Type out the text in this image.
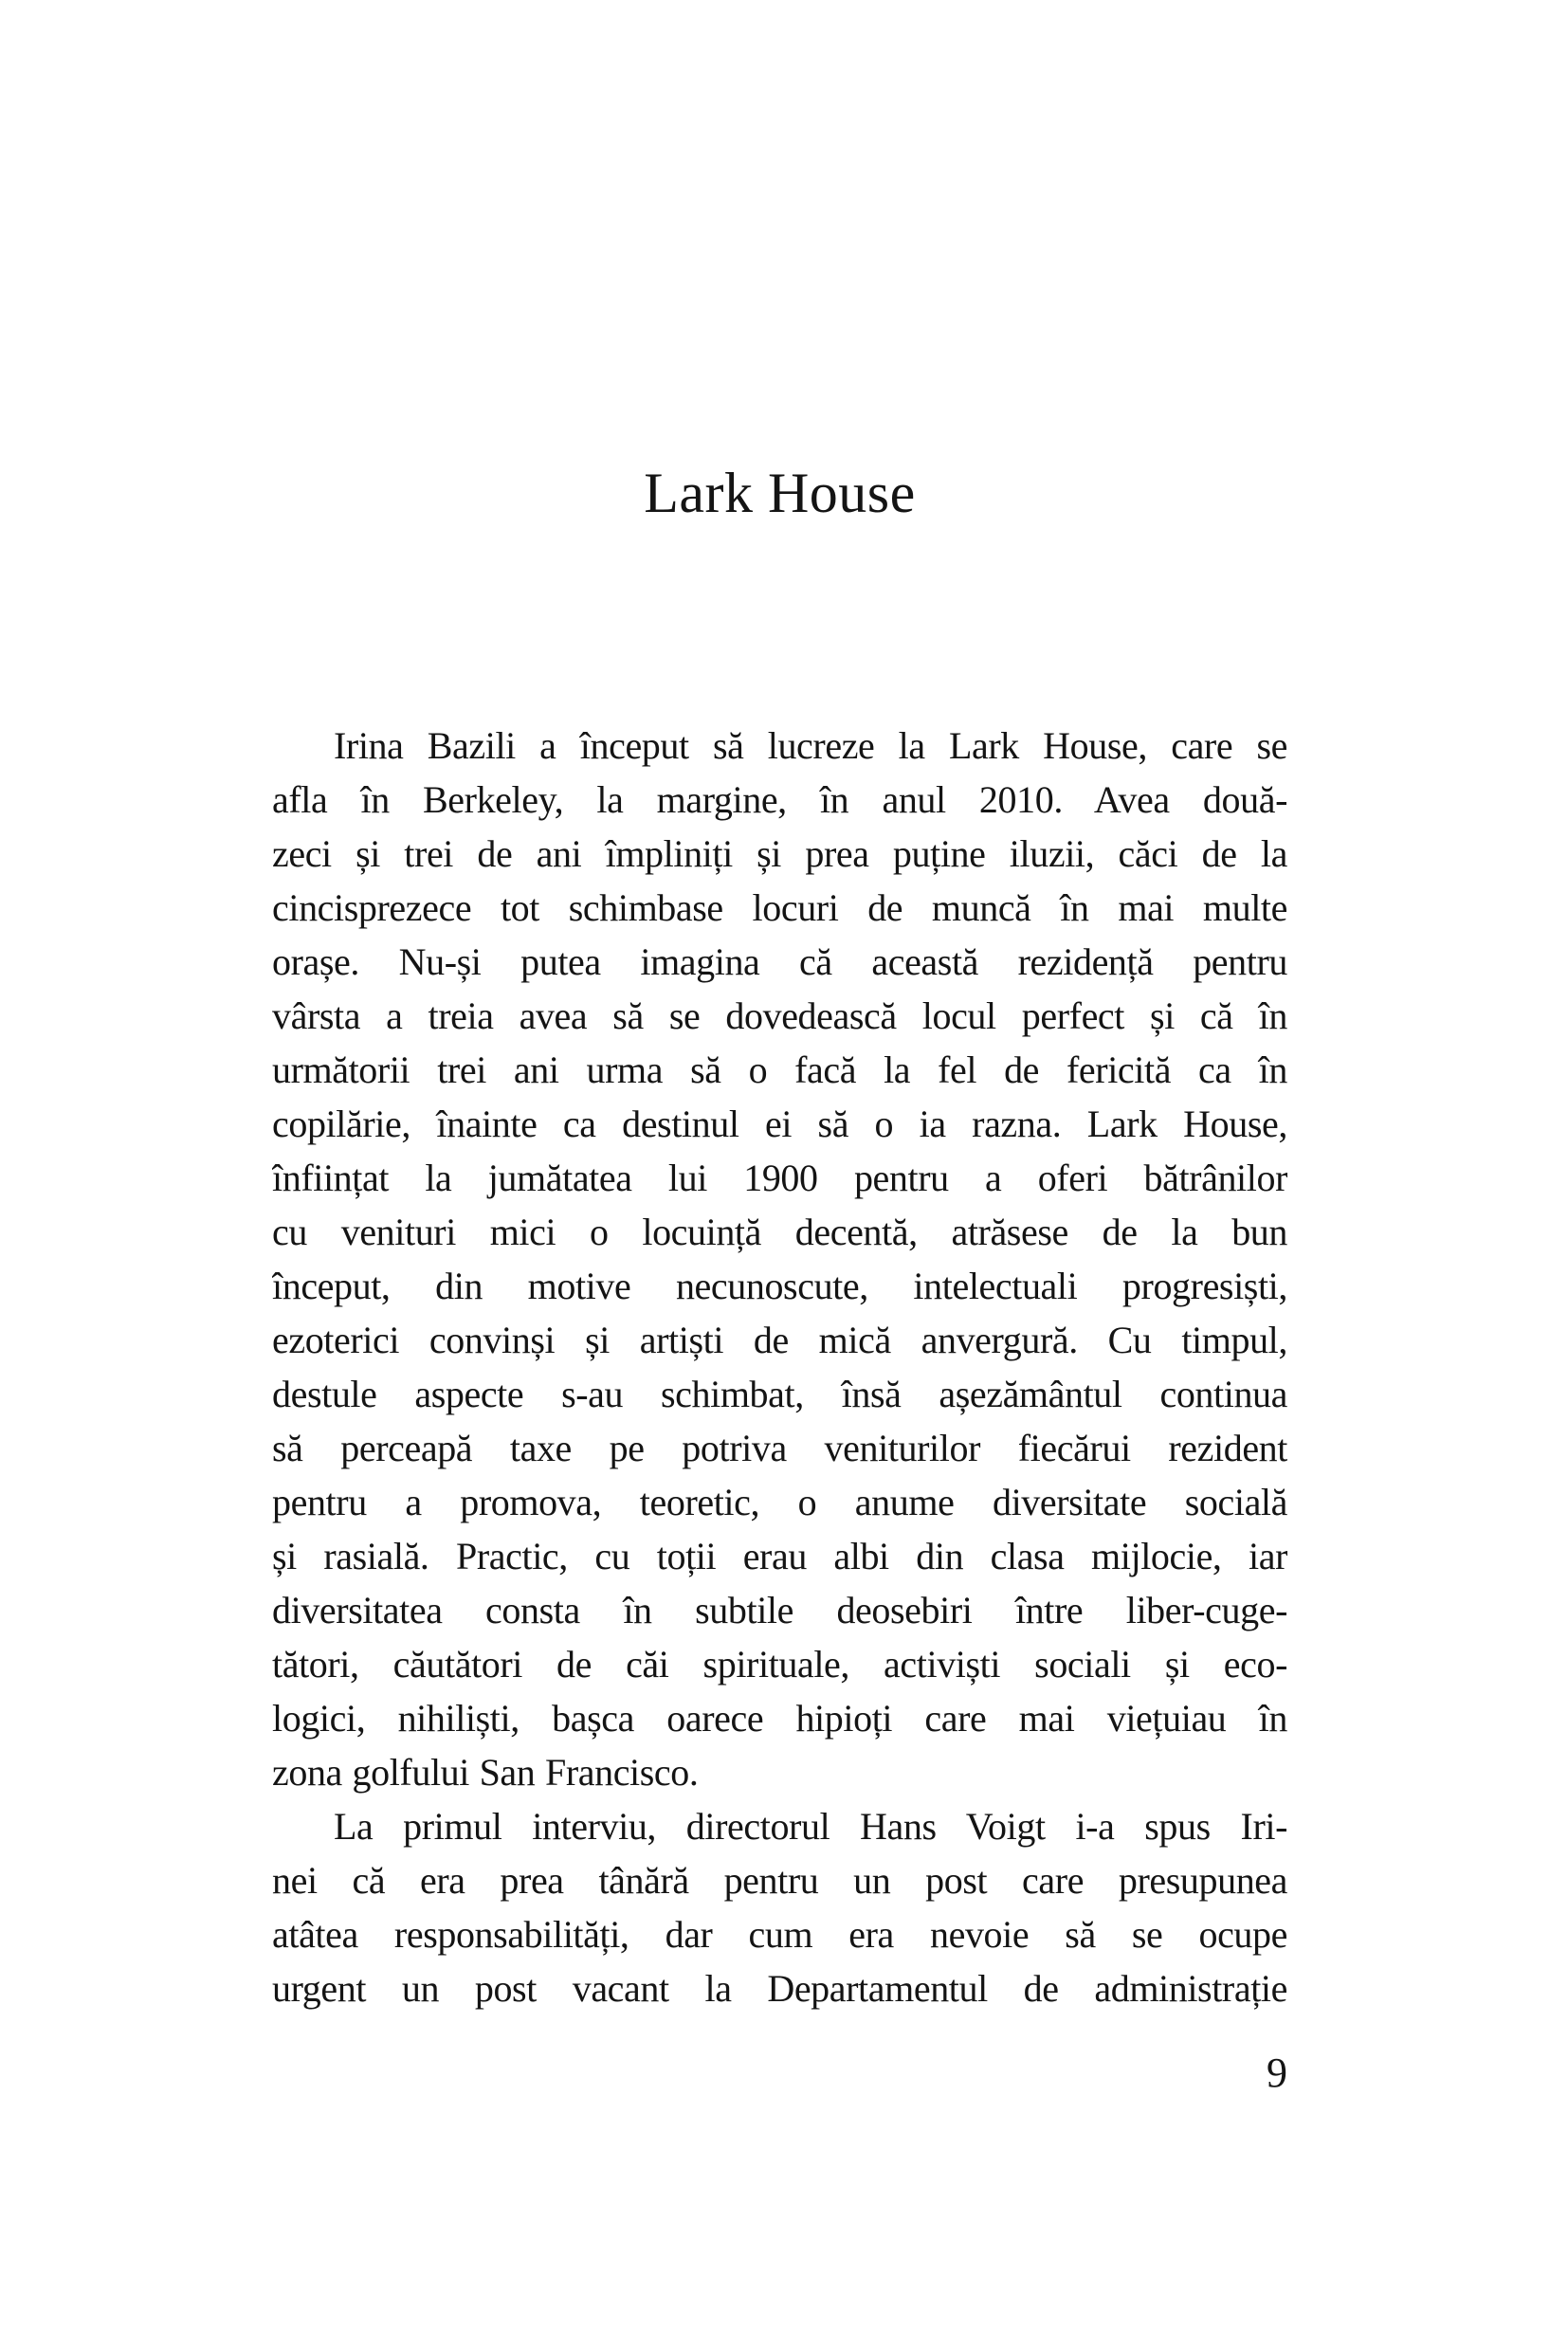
Lark House
Irina Bazili a început să lucreze la Lark House, care se
afla în Berkeley, la margine, în anul 2010. Avea două-
zeci și trei de ani împliniți și prea puține iluzii, căci de la
cincisprezece tot schimbase locuri de muncă în mai multe
orașe. Nu-și putea imagina că această rezidență pentru
vârsta a treia avea să se dovedească locul perfect și că în
următorii trei ani urma să o facă la fel de fericită ca în
copilărie, înainte ca destinul ei să o ia razna. Lark House,
înființat la jumătatea lui 1900 pentru a oferi bătrânilor
cu venituri mici o locuință decentă, atrăsese de la bun
început, din motive necunoscute, intelectuali progresiști,
ezoterici convinși și artiști de mică anvergură. Cu timpul,
destule aspecte s-au schimbat, însă așezământul continua
să perceapă taxe pe potriva veniturilor fiecărui rezident
pentru a promova, teoretic, o anume diversitate socială
și rasială. Practic, cu toții erau albi din clasa mijlocie, iar
diversitatea consta în subtile deosebiri între liber-cuge-
tători, căutători de căi spirituale, activiști sociali și eco-
logici, nihiliști, bașca oarece hipioți care mai viețuiau în
zona golfului San Francisco.
La primul interviu, directorul Hans Voigt i-a spus Iri-
nei că era prea tânără pentru un post care presupunea
atâtea responsabilități, dar cum era nevoie să se ocupe
urgent un post vacant la Departamentul de administrație
9
